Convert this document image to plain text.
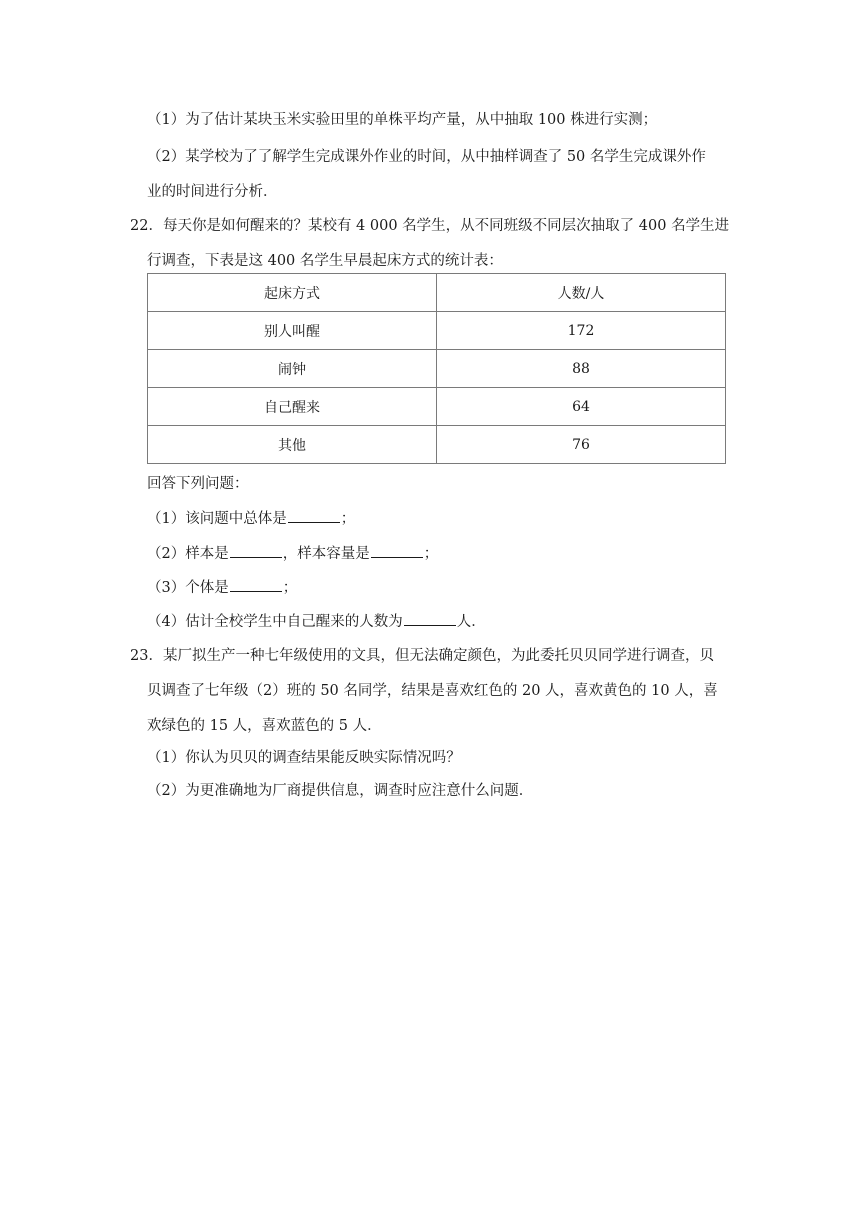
（1）为了估计某块玉米实验田里的单株平均产量，从中抽取 100 株进行实测；
（2）某学校为了了解学生完成课外作业的时间，从中抽样调查了 50 名学生完成课外作
业的时间进行分析．
22．每天你是如何醒来的？某校有 4 000 名学生，从不同班级不同层次抽取了 400 名学生进
行调查，下表是这 400 名学生早晨起床方式的统计表：
起床方式	人数/人
别人叫醒	172
闹钟	88
自己醒来	64
其他	76
回答下列问题：
（1）该问题中总体是	；
（2）样本是	，样本容量是	；
（3）个体是	；
（4）估计全校学生中自己醒来的人数为	人．
23．某厂拟生产一种七年级使用的文具，但无法确定颜色，为此委托贝贝同学进行调查，贝
贝调查了七年级（2）班的 50 名同学，结果是喜欢红色的 20 人，喜欢黄色的 10 人，喜
欢绿色的 15 人，喜欢蓝色的 5 人．
（1）你认为贝贝的调查结果能反映实际情况吗？
（2）为更准确地为厂商提供信息，调查时应注意什么问题．
